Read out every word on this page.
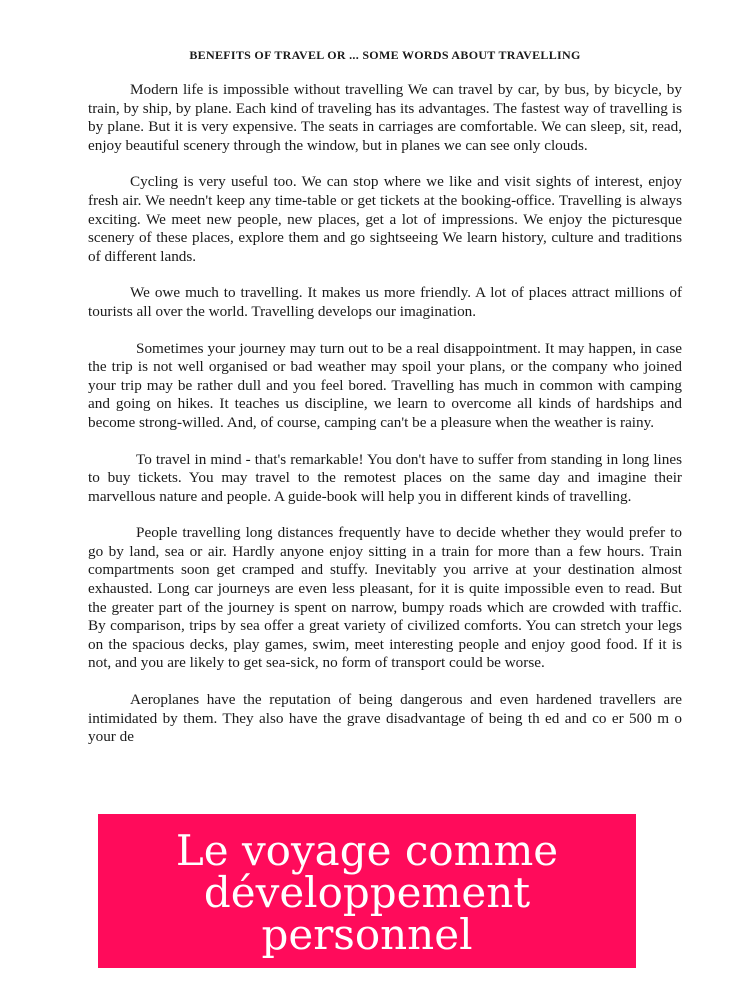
BENEFITS OF TRAVEL OR ... SOME WORDS ABOUT TRAVELLING

Modern life is impossible without travelling We can travel by car, by bus, by bicycle, by train, by ship, by plane. Each kind of traveling has its advantages. The fastest way of travelling is by plane. But it is very expensive. The seats in carriages are comfortable. We can sleep, sit, read, enjoy beautiful scenery through the window, but in planes we can see only clouds.

Cycling is very useful too. We can stop where we like and visit sights of interest, enjoy fresh air. We needn't keep any time-table or get tickets at the booking-office. Travelling is always exciting. We meet new people, new places, get a lot of impressions. We enjoy the picturesque scenery of these places, explore them and go sightseeing We learn history, culture and traditions of different lands.

We owe much to travelling. It makes us more friendly. A lot of places attract millions of tourists all over the world. Travelling develops our imagination.

Sometimes your journey may turn out to be a real disappointment. It may happen, in case the trip is not well organised or bad weather may spoil your plans, or the company who joined your trip may be rather dull and you feel bored. Travelling has much in common with camping and going on hikes. It teaches us discipline, we learn to overcome all kinds of hardships and become strong-willed. And, of course, camping can't be a pleasure when the weather is rainy.

To travel in mind - that's remarkable! You don't have to suffer from standing in long lines to buy tickets. You may travel to the remotest places on the same day and imagine their marvellous nature and people. A guide-book will help you in different kinds of travelling.

People travelling long distances frequently have to decide whether they would prefer to go by land, sea or air. Hardly anyone enjoy sitting in a train for more than a few hours. Train compartments soon get cramped and stuffy. Inevitably you arrive at your destination almost exhausted. Long car journeys are even less pleasant, for it is quite impossible even to read. But the greater part of the journey is spent on narrow, bumpy roads which are crowded with traffic. By comparison, trips by sea offer a great variety of civilized comforts. You can stretch your legs on the spacious decks, play games, swim, meet interesting people and enjoy good food. If it is not, and you are likely to get sea-sick, no form of transport could be worse.

Aeroplanes have the reputation of being dangerous and even hardened travellers are intimidated by them. They also have the grave disadvantage of being th ed and co er 500 m o your de

Le voyage comme développement personnel
